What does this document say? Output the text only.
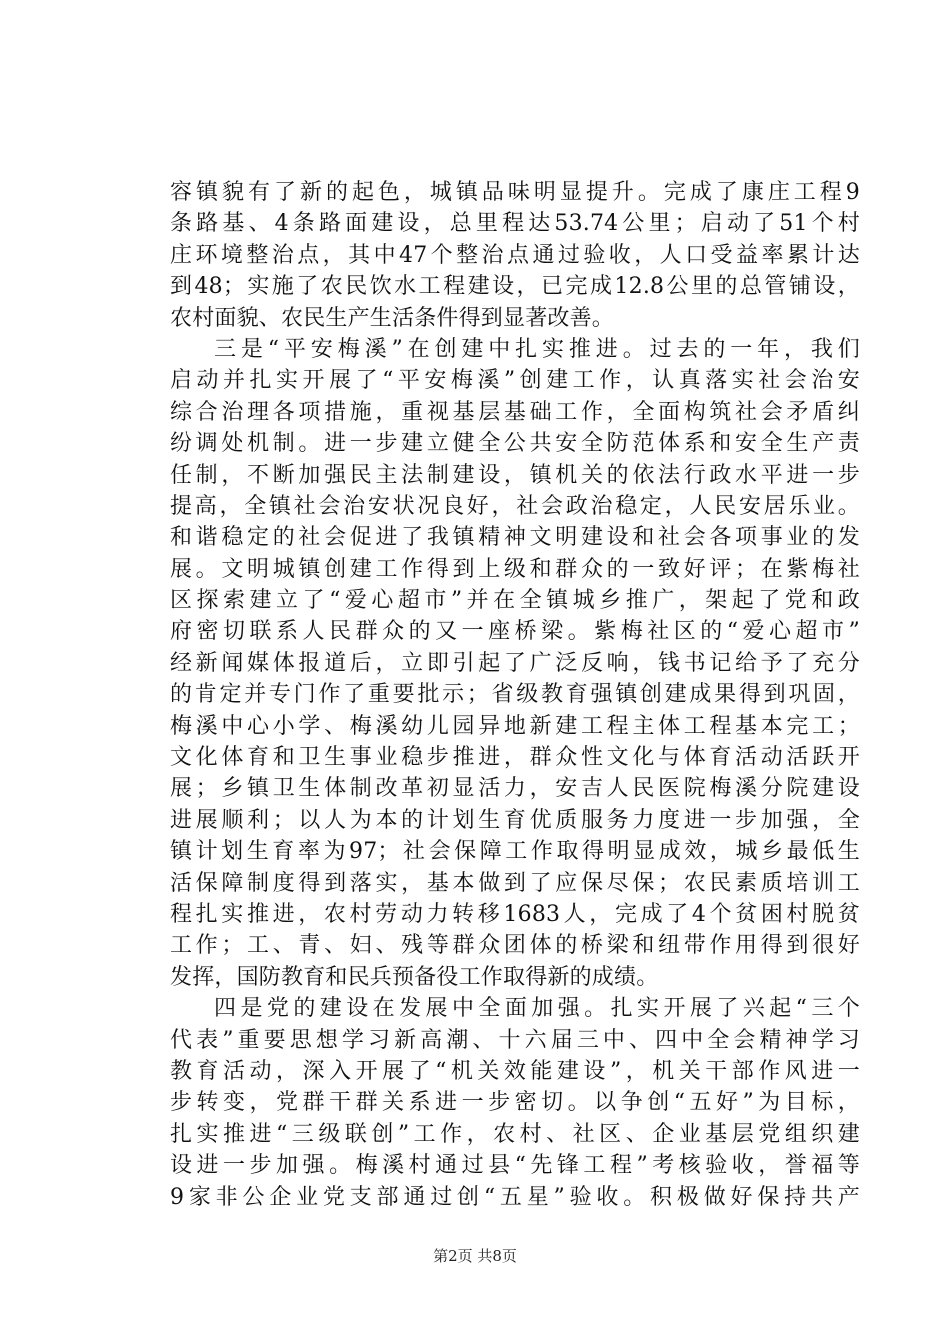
容镇貌有了新的起色，城镇品味明显提升。完成了康庄工程9
条路基、4条路面建设，总里程达53.74公里；启动了51个村
庄环境整治点，其中47个整治点通过验收，人口受益率累计达
到48；实施了农民饮水工程建设，已完成12.8公里的总管铺设，
农村面貌、农民生产生活条件得到显著改善。
三是“平安梅溪”在创建中扎实推进。过去的一年，我们
启动并扎实开展了“平安梅溪”创建工作，认真落实社会治安
综合治理各项措施，重视基层基础工作，全面构筑社会矛盾纠
纷调处机制。进一步建立健全公共安全防范体系和安全生产责
任制，不断加强民主法制建设，镇机关的依法行政水平进一步
提高，全镇社会治安状况良好，社会政治稳定，人民安居乐业。
和谐稳定的社会促进了我镇精神文明建设和社会各项事业的发
展。文明城镇创建工作得到上级和群众的一致好评；在紫梅社
区探索建立了“爱心超市”并在全镇城乡推广，架起了党和政
府密切联系人民群众的又一座桥梁。紫梅社区的“爱心超市”
经新闻媒体报道后，立即引起了广泛反响，钱书记给予了充分
的肯定并专门作了重要批示；省级教育强镇创建成果得到巩固，
梅溪中心小学、梅溪幼儿园异地新建工程主体工程基本完工；
文化体育和卫生事业稳步推进，群众性文化与体育活动活跃开
展；乡镇卫生体制改革初显活力，安吉人民医院梅溪分院建设
进展顺利；以人为本的计划生育优质服务力度进一步加强，全
镇计划生育率为97；社会保障工作取得明显成效，城乡最低生
活保障制度得到落实，基本做到了应保尽保；农民素质培训工
程扎实推进，农村劳动力转移1683人，完成了4个贫困村脱贫
工作；工、青、妇、残等群众团体的桥梁和纽带作用得到很好
发挥，国防教育和民兵预备役工作取得新的成绩。
四是党的建设在发展中全面加强。扎实开展了兴起“三个
代表”重要思想学习新高潮、十六届三中、四中全会精神学习
教育活动，深入开展了“机关效能建设”，机关干部作风进一
步转变，党群干群关系进一步密切。以争创“五好”为目标，
扎实推进“三级联创”工作，农村、社区、企业基层党组织建
设进一步加强。梅溪村通过县“先锋工程”考核验收，誉福等
9家非公企业党支部通过创“五星”验收。积极做好保持共产
第2页 共8页
